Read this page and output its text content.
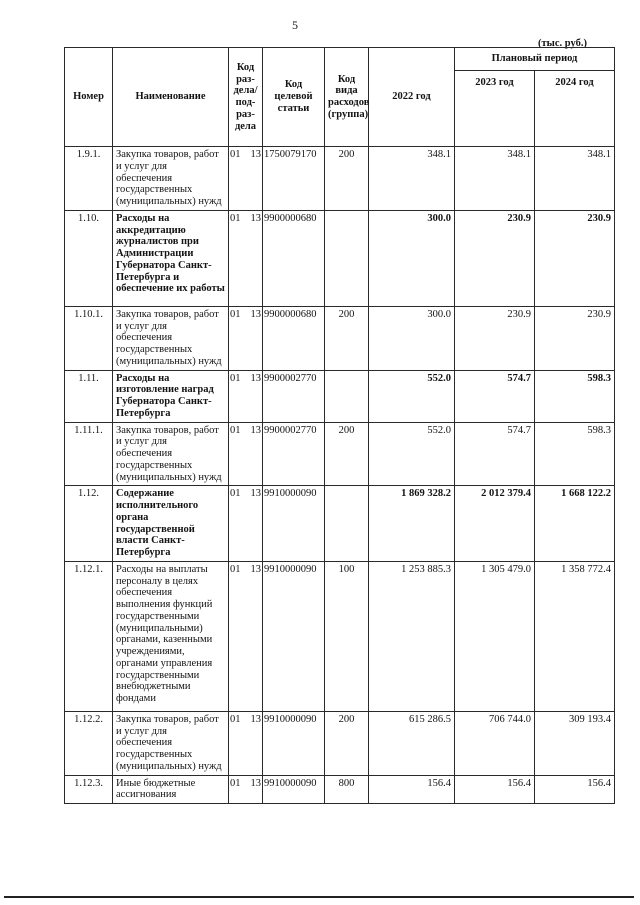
5
(тыс. руб.)
Номер	Наименование	Код раз-дела/ под-раз-дела	Код целевой статьи	Код вида расходов (группа)	2022 год	Плановый период	
						2023 год	2024 год
1.9.1.	Закупка товаров, работ и услуг для обеспечения государственных (муниципальных) нужд	01 13	1750079170	200	348.1	348.1	348.1
1.10.	Расходы на аккредитацию журналистов при Администрации Губернатора Санкт-Петербурга и обеспечение их работы	01 13	9900000680		300.0	230.9	230.9
1.10.1.	Закупка товаров, работ и услуг для обеспечения государственных (муниципальных) нужд	01 13	9900000680	200	300.0	230.9	230.9
1.11.	Расходы на изготовление наград Губернатора Санкт-Петербурга	01 13	9900002770		552.0	574.7	598.3
1.11.1.	Закупка товаров, работ и услуг для обеспечения государственных (муниципальных) нужд	01 13	9900002770	200	552.0	574.7	598.3
1.12.	Содержание исполнительного органа государственной власти Санкт-Петербурга	01 13	9910000090		1 869 328.2	2 012 379.4	1 668 122.2
1.12.1.	Расходы на выплаты персоналу в целях обеспечения выполнения функций государственными (муниципальными) органами, казенными учреждениями, органами управления государственными внебюджетными фондами	01 13	9910000090	100	1 253 885.3	1 305 479.0	1 358 772.4
1.12.2.	Закупка товаров, работ и услуг для обеспечения государственных (муниципальных) нужд	01 13	9910000090	200	615 286.5	706 744.0	309 193.4
1.12.3.	Иные бюджетные ассигнования	01 13	9910000090	800	156.4	156.4	156.4
